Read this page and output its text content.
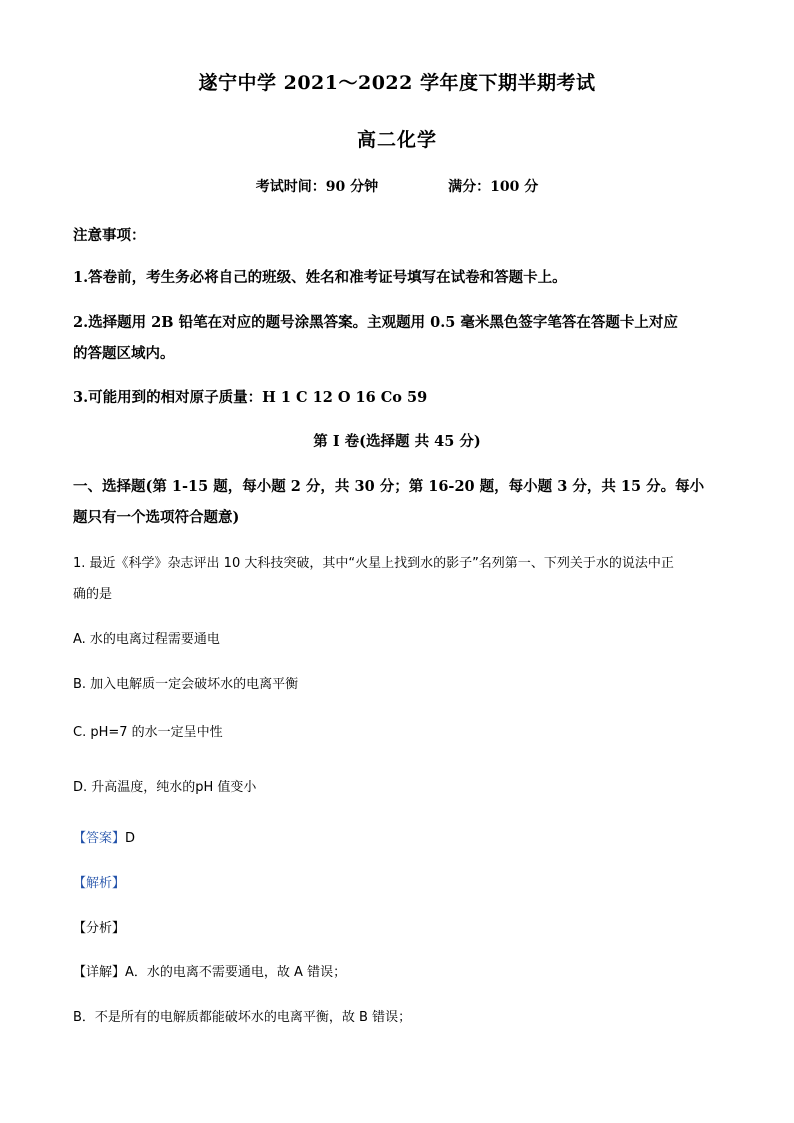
遂宁中学 2021～2022 学年度下期半期考试
高二化学
考试时间：90 分钟	满分：100 分
注意事项：
1.答卷前，考生务必将自己的班级、姓名和准考证号填写在试卷和答题卡上。
2.选择题用 2B 铅笔在对应的题号涂黑答案。主观题用 0.5 毫米黑色签字笔答在答题卡上对应
的答题区域内。
3.可能用到的相对原子质量：H 1 C 12 O 16 Co 59
第 I 卷(选择题 共 45 分)
一、选择题(第 1-15 题，每小题 2 分，共 30 分；第 16-20 题，每小题 3 分，共 15 分。每小
题只有一个选项符合题意)
1. 最近《科学》杂志评出 10 大科技突破，其中“火星上找到水的影子”名列第一、下列关于水的说法中正
确的是
A. 水的电离过程需要通电
B. 加入电解质一定会破坏水的电离平衡
C. pH=7 的水一定呈中性
D. 升高温度，纯水的pH 值变小
【答案】D
【解析】
【分析】
【详解】A．水的电离不需要通电，故 A 错误；
B．不是所有的电解质都能破坏水的电离平衡，故 B 错误；
